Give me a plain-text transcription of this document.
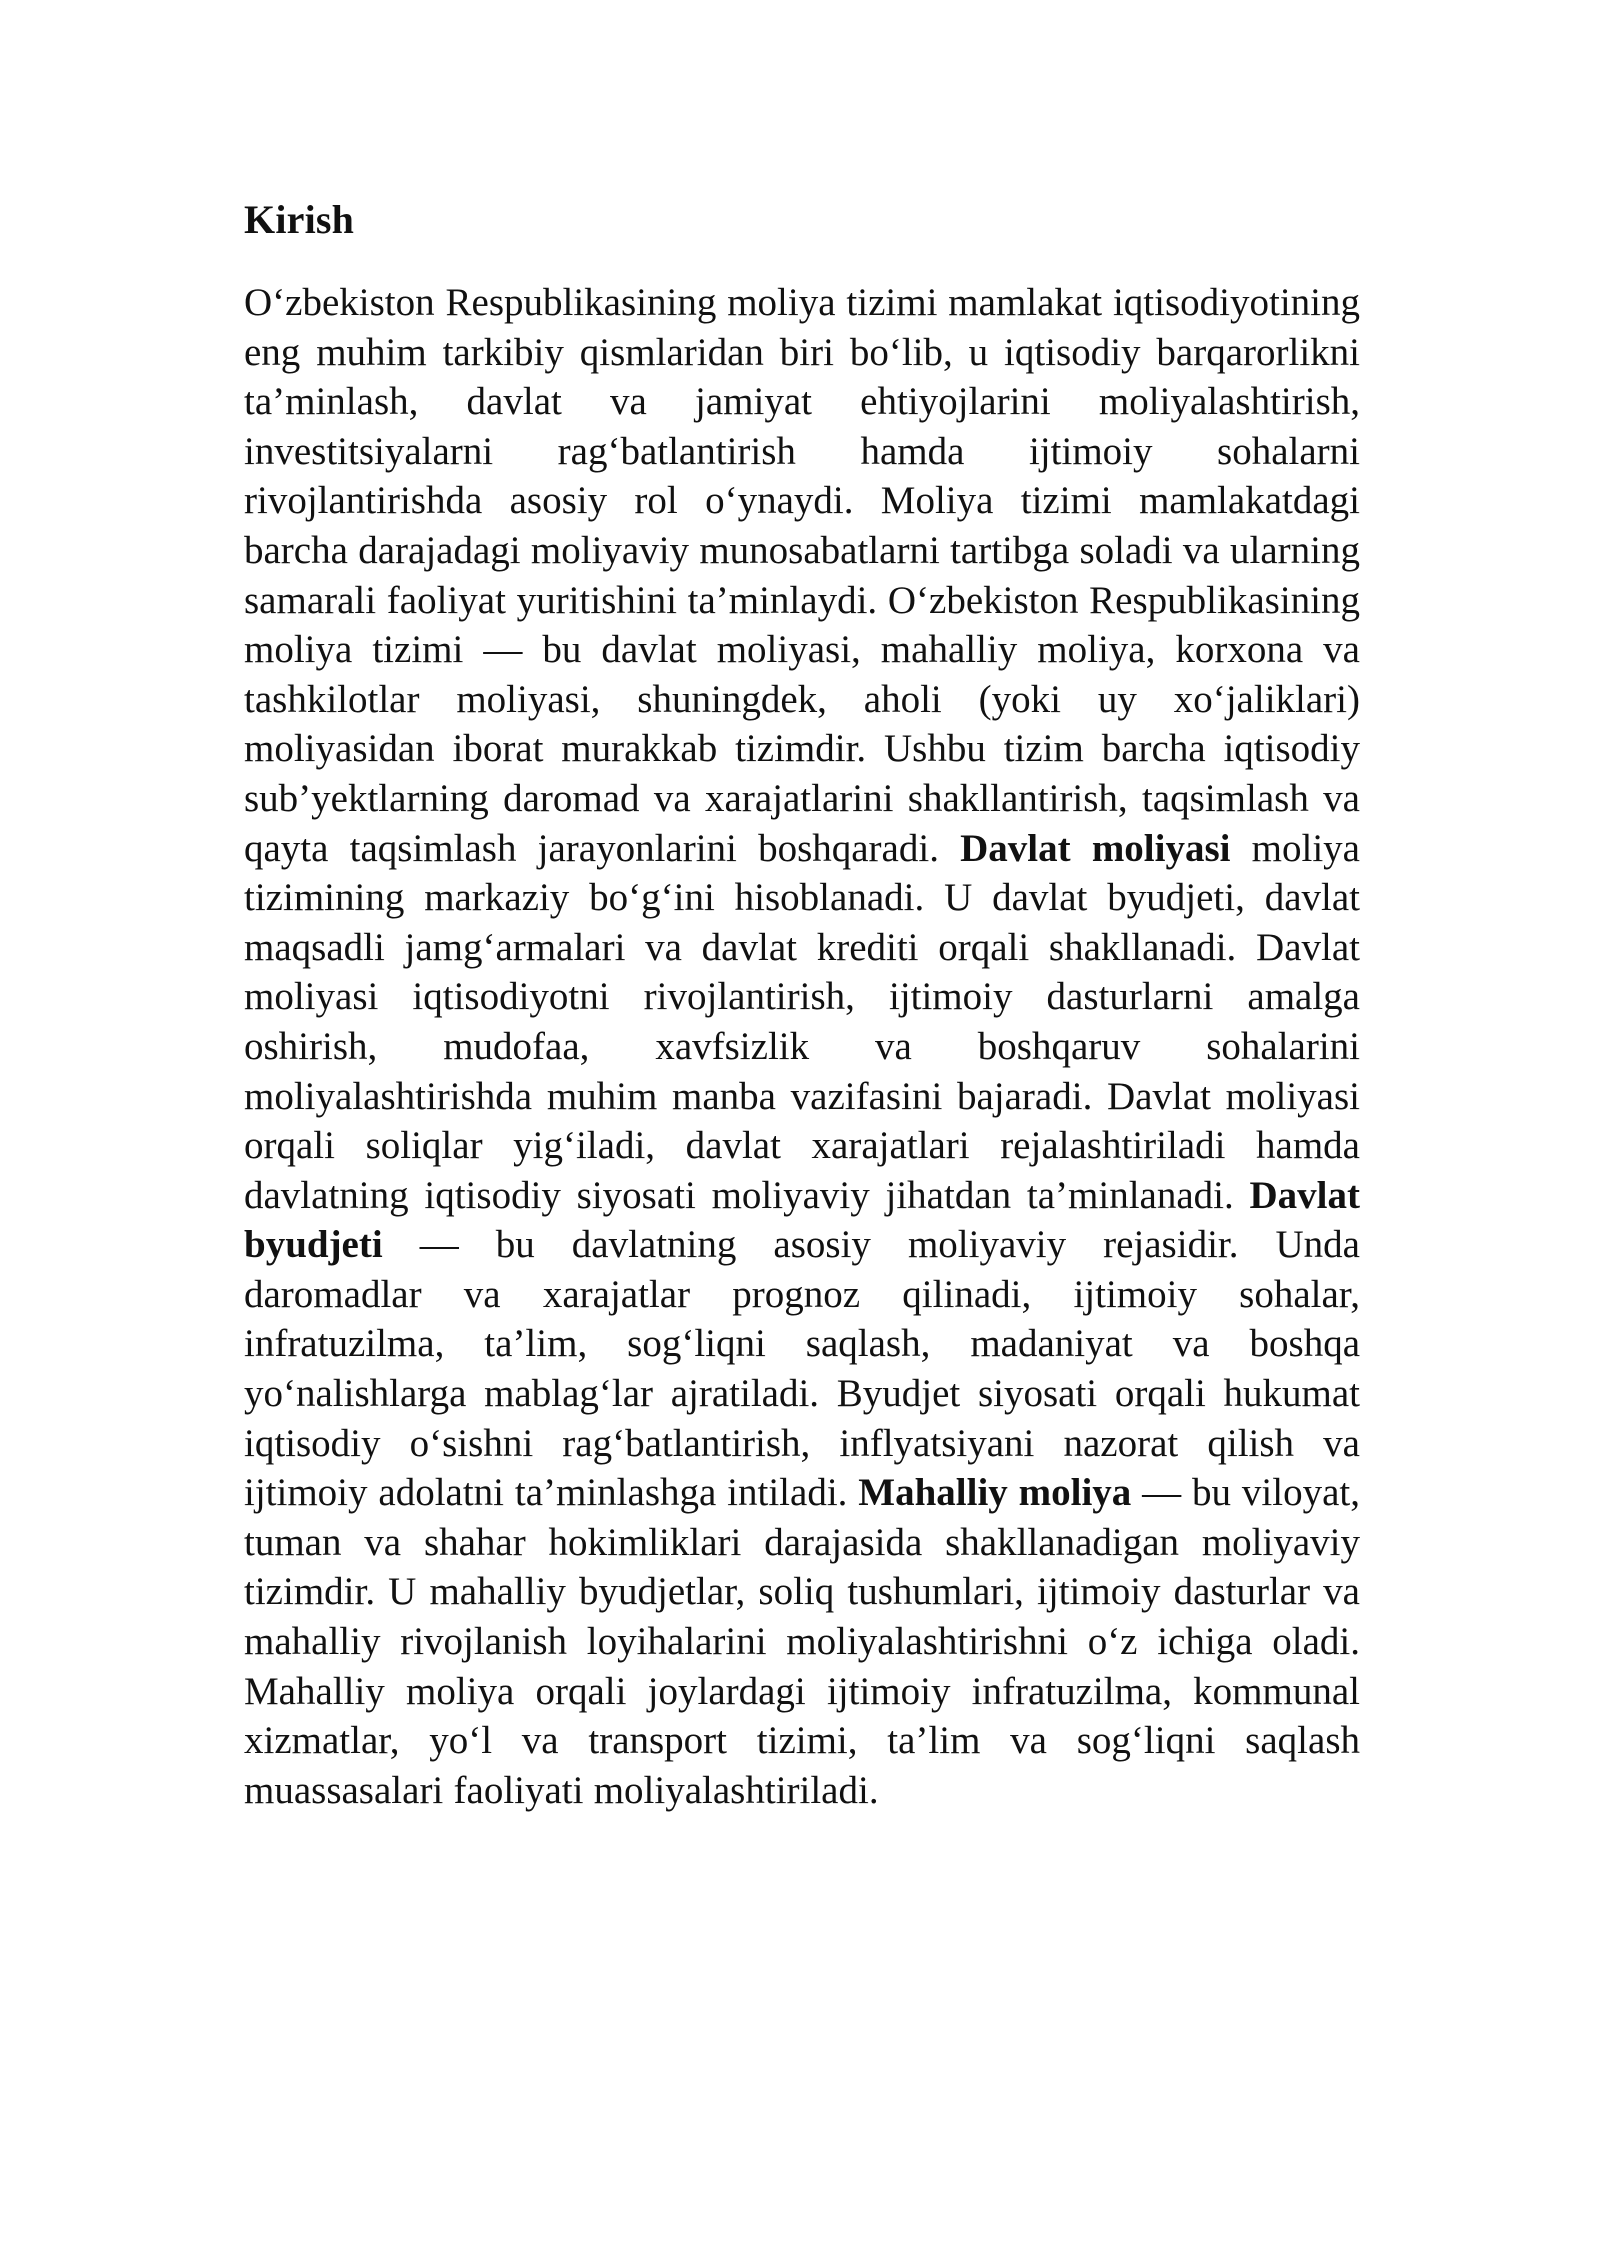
Kirish

O‘zbekiston Respublikasining moliya tizimi mamlakat iqtisodiyotining eng muhim tarkibiy qismlaridan biri bo‘lib, u iqtisodiy barqarorlikni ta’minlash, davlat va jamiyat ehtiyojlarini moliyalashtirish, investitsiyalarni rag‘batlantirish hamda ijtimoiy sohalarni rivojlantirishda asosiy rol o‘ynaydi. Moliya tizimi mamlakatdagi barcha darajadagi moliyaviy munosabatlarni tartibga soladi va ularning samarali faoliyat yuritishini ta’minlaydi. O‘zbekiston Respublikasining moliya tizimi — bu davlat moliyasi, mahalliy moliya, korxona va tashkilotlar moliyasi, shuningdek, aholi (yoki uy xo‘jaliklari) moliyasidan iborat murakkab tizimdir. Ushbu tizim barcha iqtisodiy sub’yektlarning daromad va xarajatlarini shakllantirish, taqsimlash va qayta taqsimlash jarayonlarini boshqaradi. Davlat moliyasi moliya tizimining markaziy bo‘g‘ini hisoblanadi. U davlat byudjeti, davlat maqsadli jamg‘armalari va davlat krediti orqali shakllanadi. Davlat moliyasi iqtisodiyotni rivojlantirish, ijtimoiy dasturlarni amalga oshirish, mudofaa, xavfsizlik va boshqaruv sohalarini moliyalashtirishda muhim manba vazifasini bajaradi. Davlat moliyasi orqali soliqlar yig‘iladi, davlat xarajatlari rejalashtiriladi hamda davlatning iqtisodiy siyosati moliyaviy jihatdan ta’minlanadi. Davlat byudjeti — bu davlatning asosiy moliyaviy rejasidir. Unda daromadlar va xarajatlar prognoz qilinadi, ijtimoiy sohalar, infratuzilma, ta’lim, sog‘liqni saqlash, madaniyat va boshqa yo‘nalishlarga mablag‘lar ajratiladi. Byudjet siyosati orqali hukumat iqtisodiy o‘sishni rag‘batlantirish, inflyatsiyani nazorat qilish va ijtimoiy adolatni ta’minlashga intiladi. Mahalliy moliya — bu viloyat, tuman va shahar hokimliklari darajasida shakllanadigan moliyaviy tizimdir. U mahalliy byudjetlar, soliq tushumlari, ijtimoiy dasturlar va mahalliy rivojlanish loyihalarini moliyalashtirishni o‘z ichiga oladi. Mahalliy moliya orqali joylardagi ijtimoiy infratuzilma, kommunal xizmatlar, yo‘l va transport tizimi, ta’lim va sog‘liqni saqlash muassasalari faoliyati moliyalashtiriladi.
